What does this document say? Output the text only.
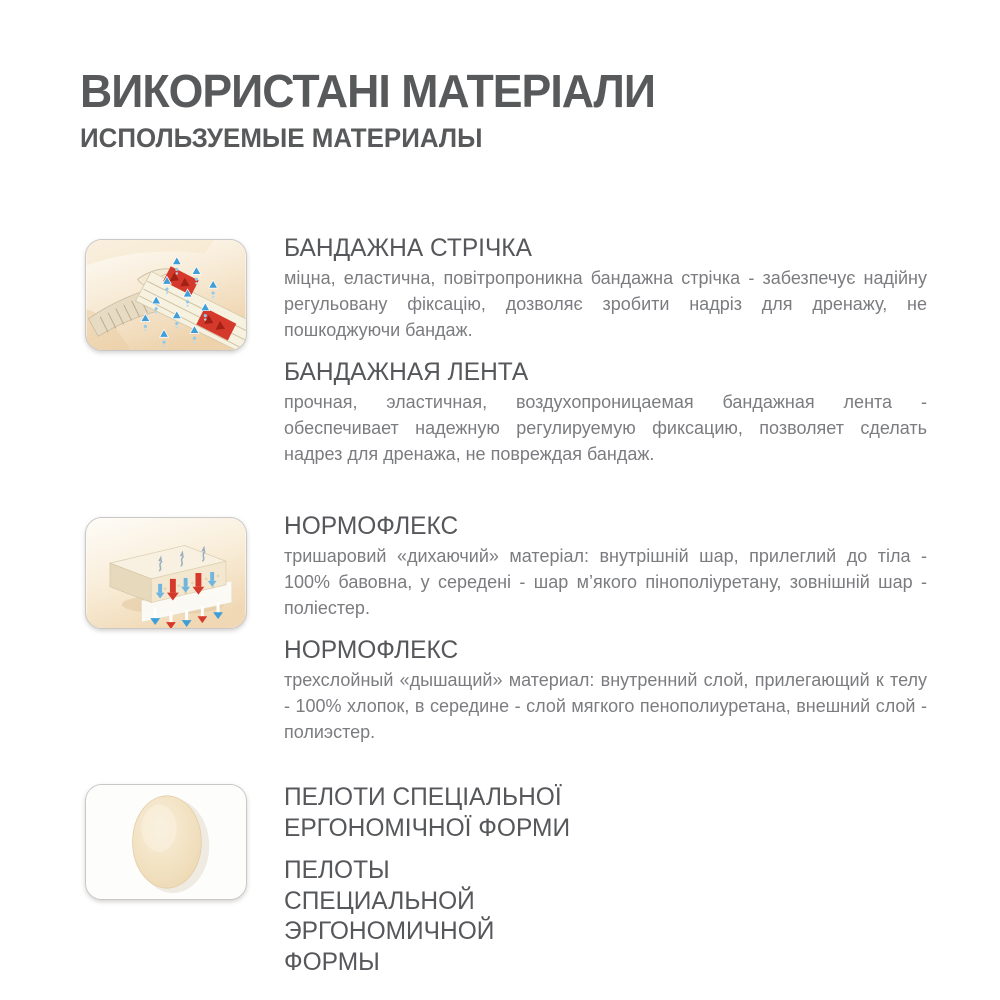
ВИКОРИСТАНІ МАТЕРІАЛИ
ИСПОЛЬЗУЕМЫЕ МАТЕРИАЛЫ
БАНДАЖНА СТРІЧКА

міцна, еластична, повітропроникна бандажна стрічка - забезпечує надійну регульовану фіксацію, дозволяє зробити надріз для дренажу, не пошкоджуючи бандаж.

БАНДАЖНАЯ ЛЕНТА

прочная, эластичная, воздухопроницаемая бандажная лента - обеспечивает надежную регулируемую фиксацию, позволяет сделать надрез для дренажа, не повреждая бандаж.

НОРМОФЛЕКС

тришаровий «дихаючий» матеріал: внутрішній шар, прилеглий до тіла - 100% бавовна, у середені - шар м’якого пінополіуретану, зовнішній шар - поліестер.

НОРМОФЛЕКС

трехслойный «дышащий» материал: внутренний слой, прилегающий к телу - 100% хлопок, в середине - слой мягкого пенополиуретана, внешний слой - полиэстер.

ПЕЛОТИ СПЕЦІАЛЬНОЇ ЕРГОНОМІЧНОЇ ФОРМИ
ПЕЛОТЫ СПЕЦИАЛЬНОЙ ЭРГОНОМИЧНОЙ ФОРМЫ
